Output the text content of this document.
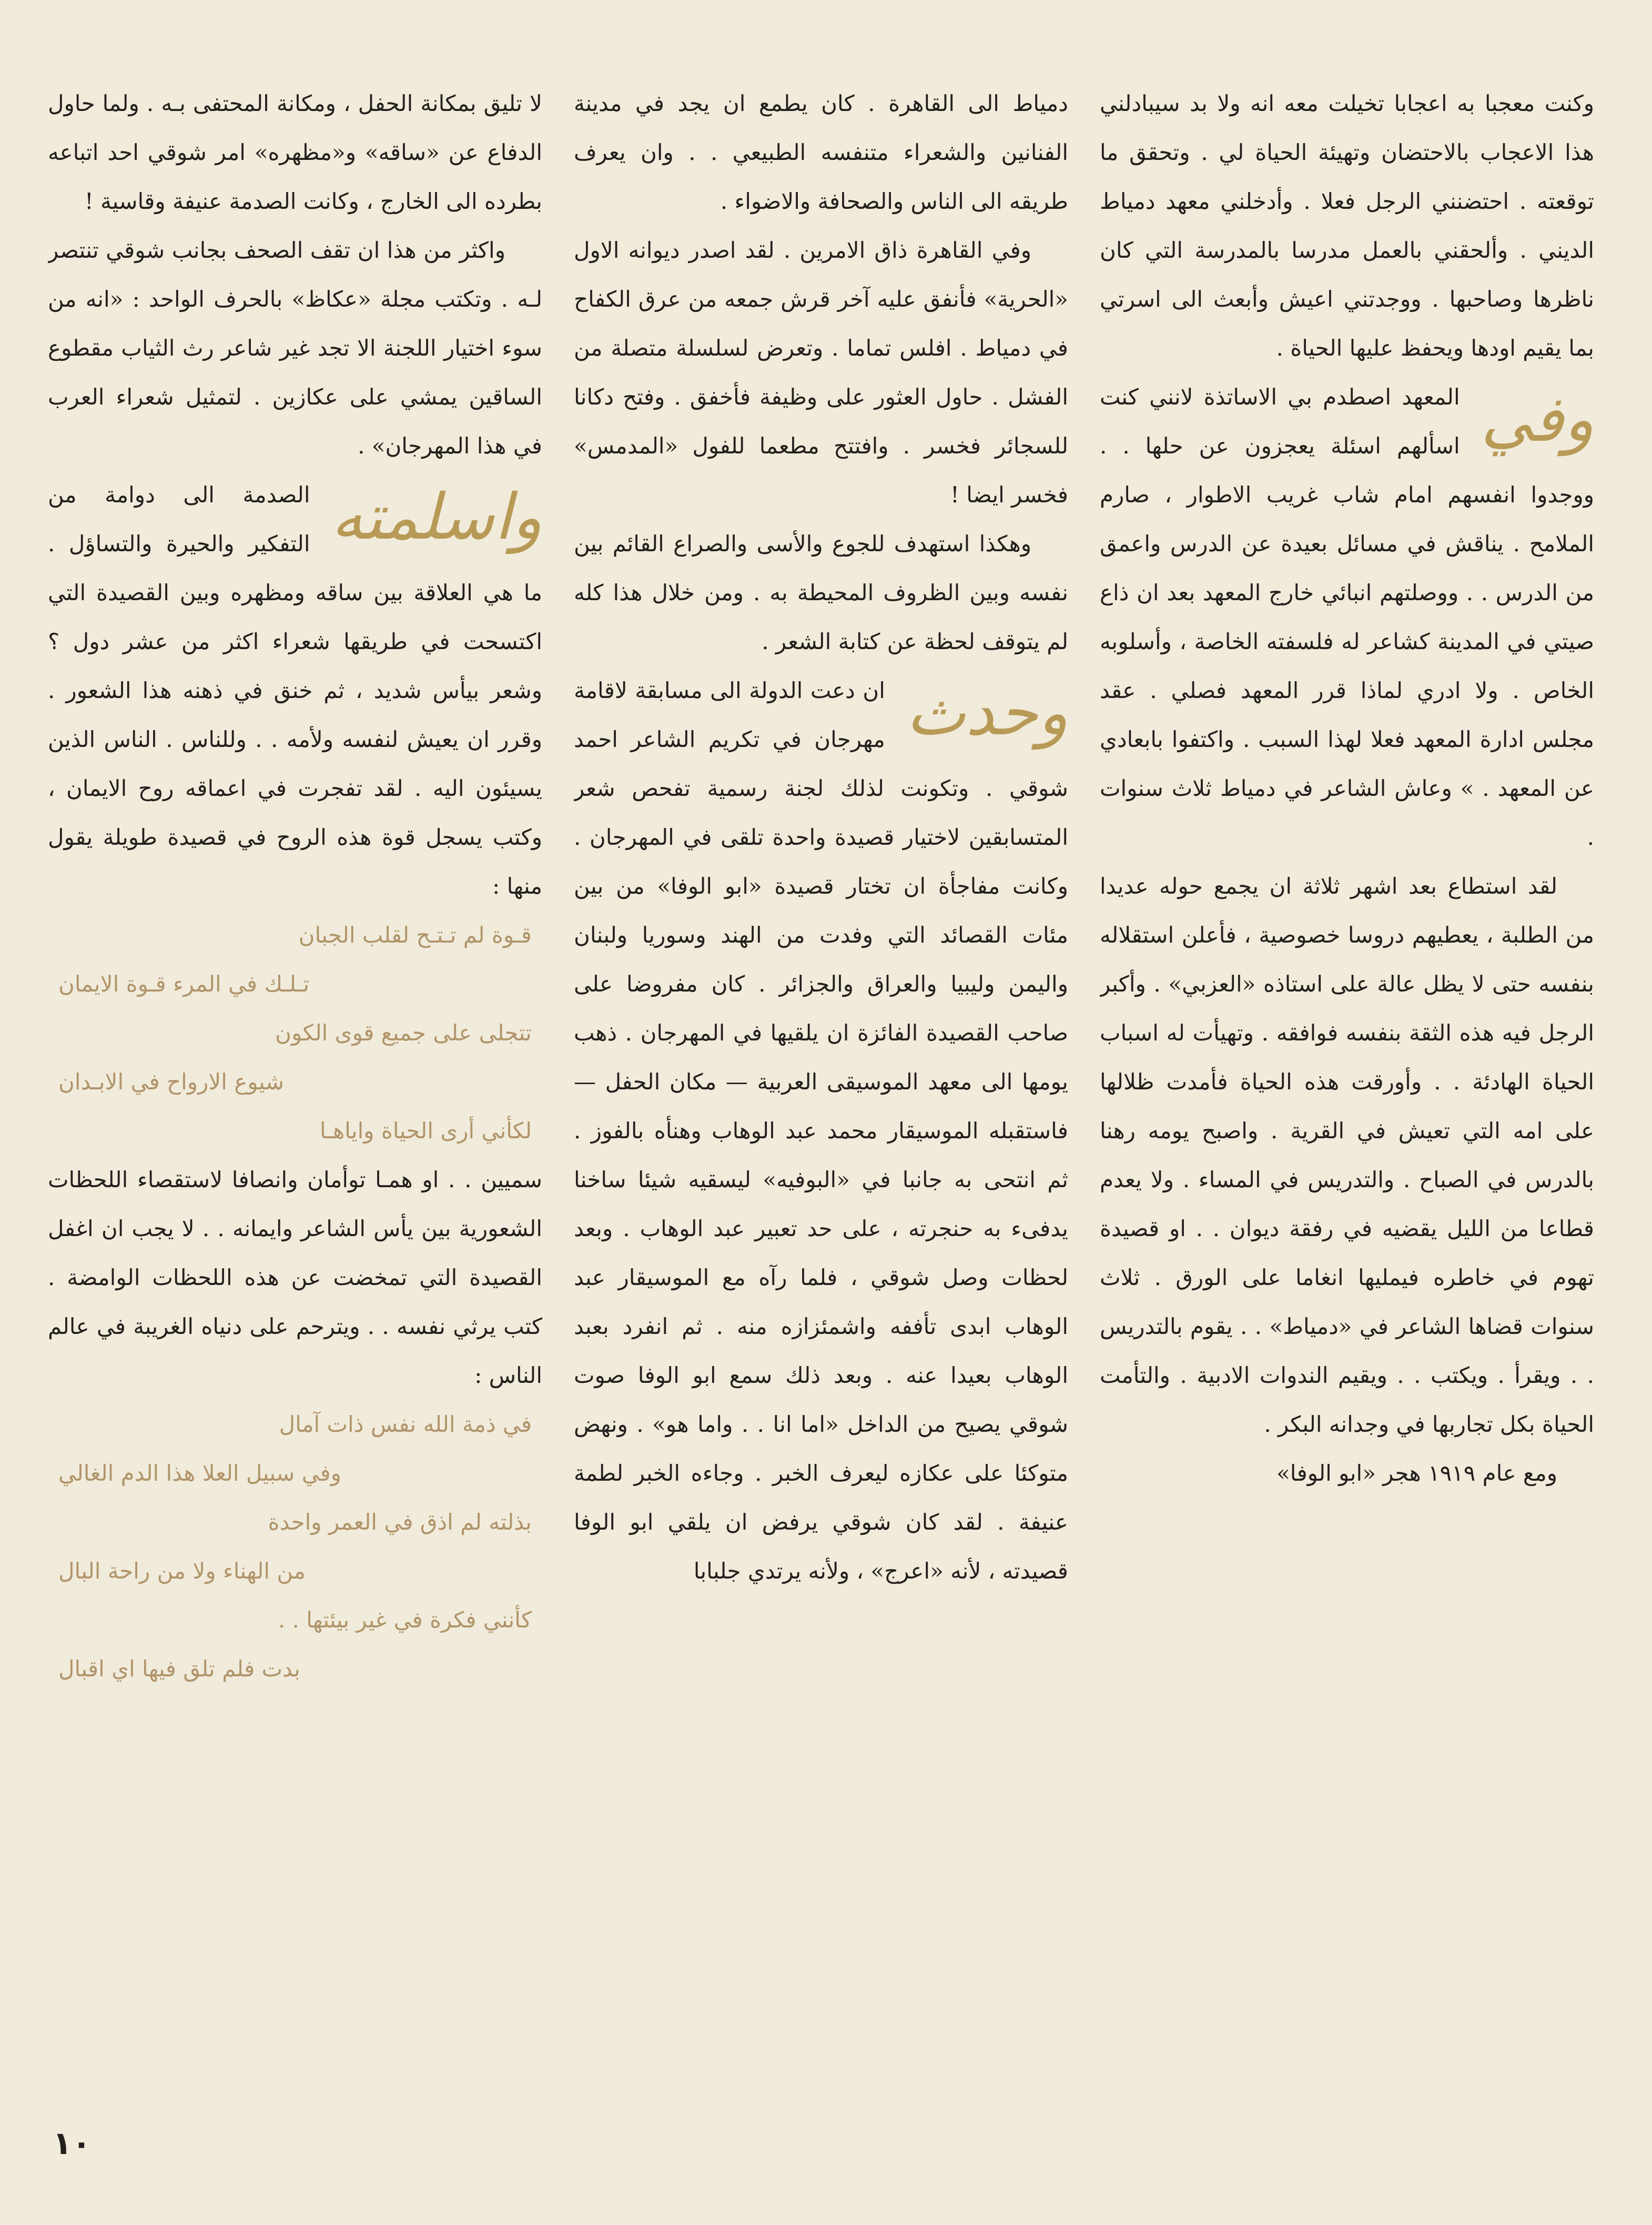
وكنت معجبا به اعجابا تخيلت معه انه ولا بد سيبادلني هذا الاعجاب بالاحتضان وتهيئة الحياة لي . وتحقق ما توقعته . احتضنني الرجل فعلا . وأدخلني معهد دمياط الديني . وألحقني بالعمل مدرسا بالمدرسة التي كان ناظرها وصاحبها . ووجدتني اعيش وأبعث الى اسرتي بما يقيم اودها ويحفظ عليها الحياة .

وفي
المعهد اصطدم بي الاساتذة لانني كنت اسألهم اسئلة يعجزون عن حلها . . ووجدوا انفسهم امام شاب غريب الاطوار ، صارم الملامح . يناقش في مسائل بعيدة عن الدرس واعمق من الدرس . . ووصلتهم انبائي خارج المعهد بعد ان ذاع صيتي في المدينة كشاعر له فلسفته الخاصة ، وأسلوبه الخاص . ولا ادري لماذا قرر المعهد فصلي . عقد مجلس ادارة المعهد فعلا لهذا السبب . واكتفوا بابعادي عن المعهد . » وعاش الشاعر في دمياط ثلاث سنوات .

لقد استطاع بعد اشهر ثلاثة ان يجمع حوله عديدا من الطلبة ، يعطيهم دروسا خصوصية ، فأعلن استقلاله بنفسه حتى لا يظل عالة على استاذه «العزبي» . وأكبر الرجل فيه هذه الثقة بنفسه فوافقه . وتهيأت له اسباب الحياة الهادئة . . وأورقت هذه الحياة فأمدت ظلالها على امه التي تعيش في القرية . واصبح يومه رهنا بالدرس في الصباح . والتدريس في المساء . ولا يعدم قطاعا من الليل يقضيه في رفقة ديوان . . او قصيدة تهوم في خاطره فيمليها انغاما على الورق . ثلاث سنوات قضاها الشاعر في «دمياط» . . يقوم بالتدريس . . ويقرأ . ويكتب . . ويقيم الندوات الادبية . والتأمت الحياة بكل تجاربها في وجدانه البكر .

ومع عام ١٩١٩ هجر «ابو الوفا»

دمياط الى القاهرة . كان يطمع ان يجد في مدينة الفنانين والشعراء متنفسه الطبيعي . . وان يعرف طريقه الى الناس والصحافة والاضواء .

وفي القاهرة ذاق الامرين . لقد اصدر ديوانه الاول «الحرية» فأنفق عليه آخر قرش جمعه من عرق الكفاح في دمياط . افلس تماما . وتعرض لسلسلة متصلة من الفشل . حاول العثور على وظيفة فأخفق . وفتح دكانا للسجائر فخسر . وافتتح مطعما للفول «المدمس» فخسر ايضا !

وهكذا استهدف للجوع والأسى والصراع القائم بين نفسه وبين الظروف المحيطة به . ومن خلال هذا كله لم يتوقف لحظة عن كتابة الشعر .

وحدث
ان دعت الدولة الى مسابقة لاقامة مهرجان في تكريم الشاعر احمد شوقي . وتكونت لذلك لجنة رسمية تفحص شعر المتسابقين لاختيار قصيدة واحدة تلقى في المهرجان . وكانت مفاجأة ان تختار قصيدة «ابو الوفا» من بين مئات القصائد التي وفدت من الهند وسوريا ولبنان واليمن وليبيا والعراق والجزائر . كان مفروضا على صاحب القصيدة الفائزة ان يلقيها في المهرجان . ذهب يومها الى معهد الموسيقى العربية — مكان الحفل — فاستقبله الموسيقار محمد عبد الوهاب وهنأه بالفوز . ثم انتحى به جانبا في «البوفيه» ليسقيه شيئا ساخنا يدفىء به حنجرته ، على حد تعبير عبد الوهاب . وبعد لحظات وصل شوقي ، فلما رآه مع الموسيقار عبد الوهاب ابدى تأففه واشمئزازه منه . ثم انفرد بعبد الوهاب بعيدا عنه . وبعد ذلك سمع ابو الوفا صوت شوقي يصيح من الداخل «اما انا . . واما هو» . ونهض متوكئا على عكازه ليعرف الخبر . وجاءه الخبر لطمة عنيفة . لقد كان شوقي يرفض ان يلقي ابو الوفا قصيدته ، لأنه «اعرج» ، ولأنه يرتدي جلبابا

لا تليق بمكانة الحفل ، ومكانة المحتفى بـه . ولما حاول الدفاع عن «ساقه» و«مظهره» امر شوقي احد اتباعه بطرده الى الخارج ، وكانت الصدمة عنيفة وقاسية !

واكثر من هذا ان تقف الصحف بجانب شوقي تنتصر لـه . وتكتب مجلة «عكاظ» بالحرف الواحد : «انه من سوء اختيار اللجنة الا تجد غير شاعر رث الثياب مقطوع الساقين يمشي على عكازين . لتمثيل شعراء العرب في هذا المهرجان» .

واسلمته
الصدمة الى دوامة من التفكير والحيرة والتساؤل . ما هي العلاقة بين ساقه ومظهره وبين القصيدة التي اكتسحت في طريقها شعراء اكثر من عشر دول ؟ وشعر بيأس شديد ، ثم خنق في ذهنه هذا الشعور . وقرر ان يعيش لنفسه ولأمه . . وللناس . الناس الذين يسيئون اليه . لقد تفجرت في اعماقه روح الايمان ، وكتب يسجل قوة هذه الروح في قصيدة طويلة يقول منها :

قـوة لم تـتـح لقلب الجبان

تـلـك في المرء قـوة الايمان

تتجلى على جميع قوى الكون

شيوع الارواح في الابـدان

لكأني أرى الحياة واياهـا

سميين . . او همـا توأمان وانصافا لاستقصاء اللحظات الشعورية بين يأس الشاعر وايمانه . . لا يجب ان اغفل القصيدة التي تمخضت عن هذه اللحظات الوامضة . كتب يرثي نفسه . . ويترحم على دنياه الغريبة في عالم الناس :

في ذمة الله نفس ذات آمال

وفي سبيل العلا هذا الدم الغالي

بذلته لم اذق في العمر واحدة

من الهناء ولا من راحة البال

كأنني فكرة في غير بيئتها . .

بدت فلم تلق فيها اي اقبال

١٠
